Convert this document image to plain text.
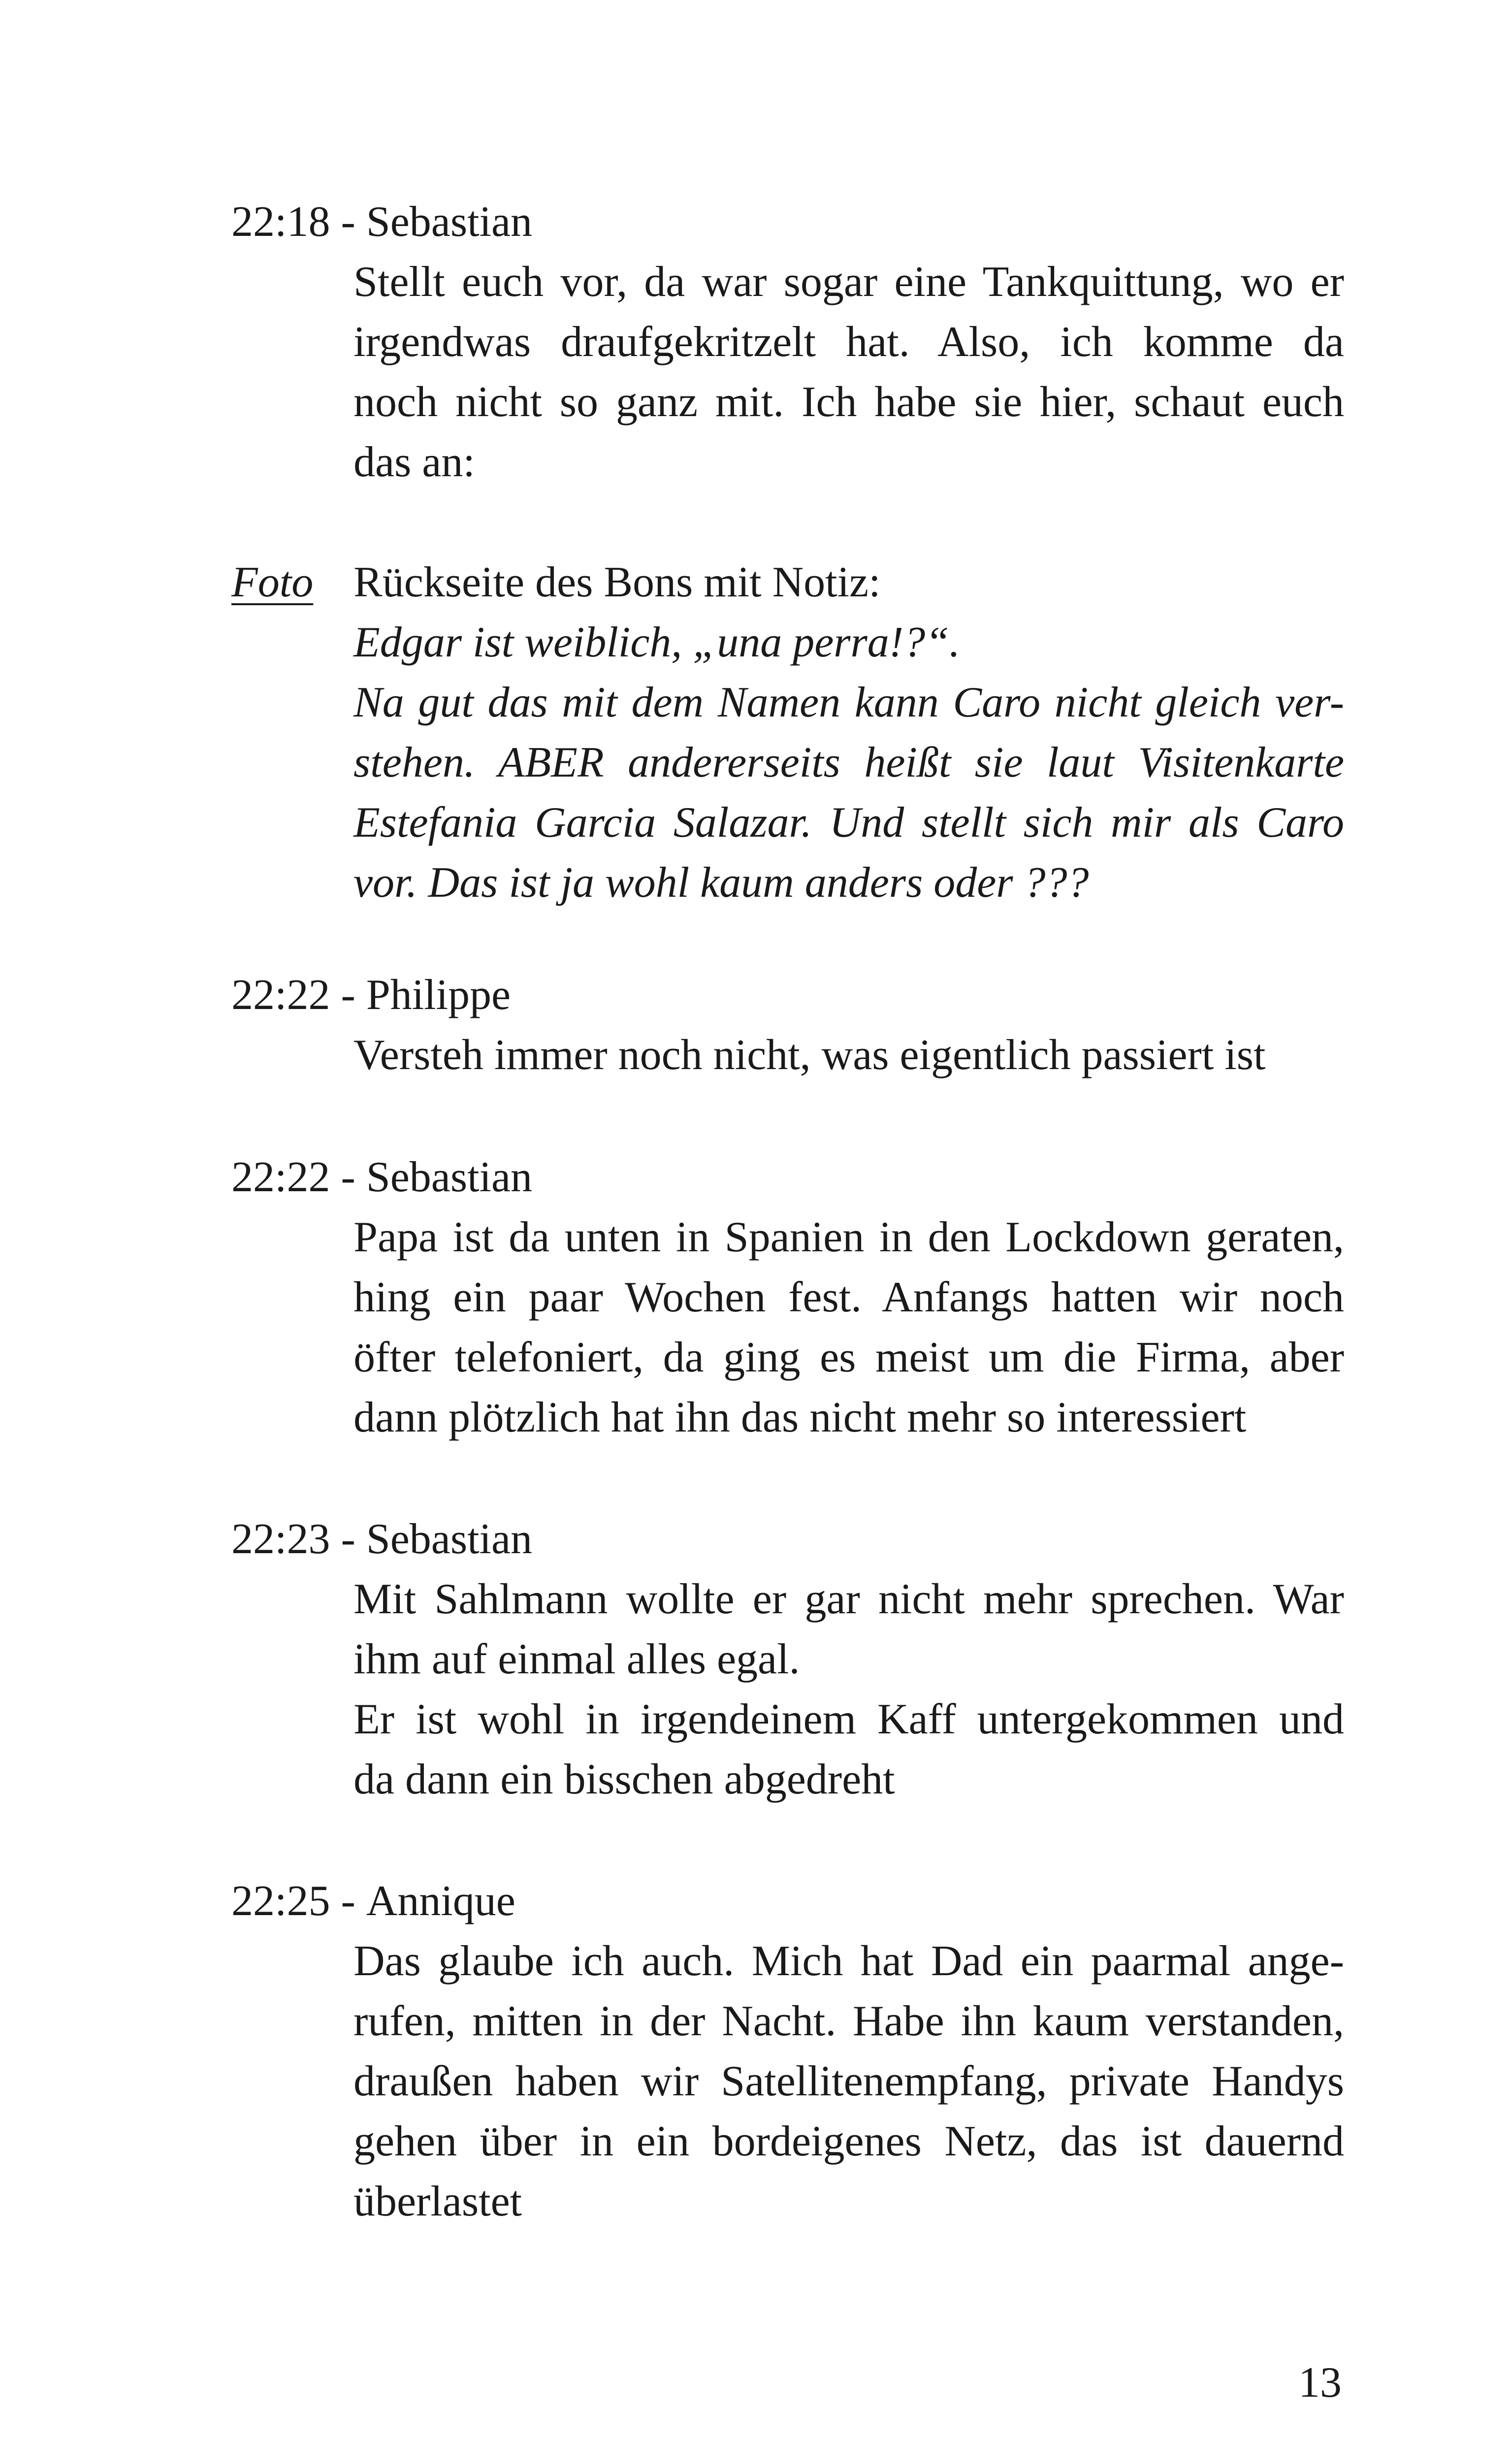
22:18 - Sebastian
Stellt euch vor, da war sogar eine Tankquittung, wo er
irgendwas draufgekritzelt hat. Also, ich komme da
noch nicht so ganz mit. Ich habe sie hier, schaut euch
das an:
Foto Rückseite des Bons mit Notiz:
Edgar ist weiblich, „una perra!?“.
Na gut das mit dem Namen kann Caro nicht gleich ver-
stehen. ABER andererseits heißt sie laut Visitenkarte
Estefania Garcia Salazar. Und stellt sich mir als Caro
vor. Das ist ja wohl kaum anders oder ???
22:22 - Philippe
Versteh immer noch nicht, was eigentlich passiert ist
22:22 - Sebastian
Papa ist da unten in Spanien in den Lockdown geraten,
hing ein paar Wochen fest. Anfangs hatten wir noch
öfter telefoniert, da ging es meist um die Firma, aber
dann plötzlich hat ihn das nicht mehr so interessiert
22:23 - Sebastian
Mit Sahlmann wollte er gar nicht mehr sprechen. War
ihm auf einmal alles egal.
Er ist wohl in irgendeinem Kaff untergekommen und
da dann ein bisschen abgedreht
22:25 - Annique
Das glaube ich auch. Mich hat Dad ein paarmal ange-
rufen, mitten in der Nacht. Habe ihn kaum verstanden,
draußen haben wir Satellitenempfang, private Handys
gehen über in ein bordeigenes Netz, das ist dauernd
überlastet
13
